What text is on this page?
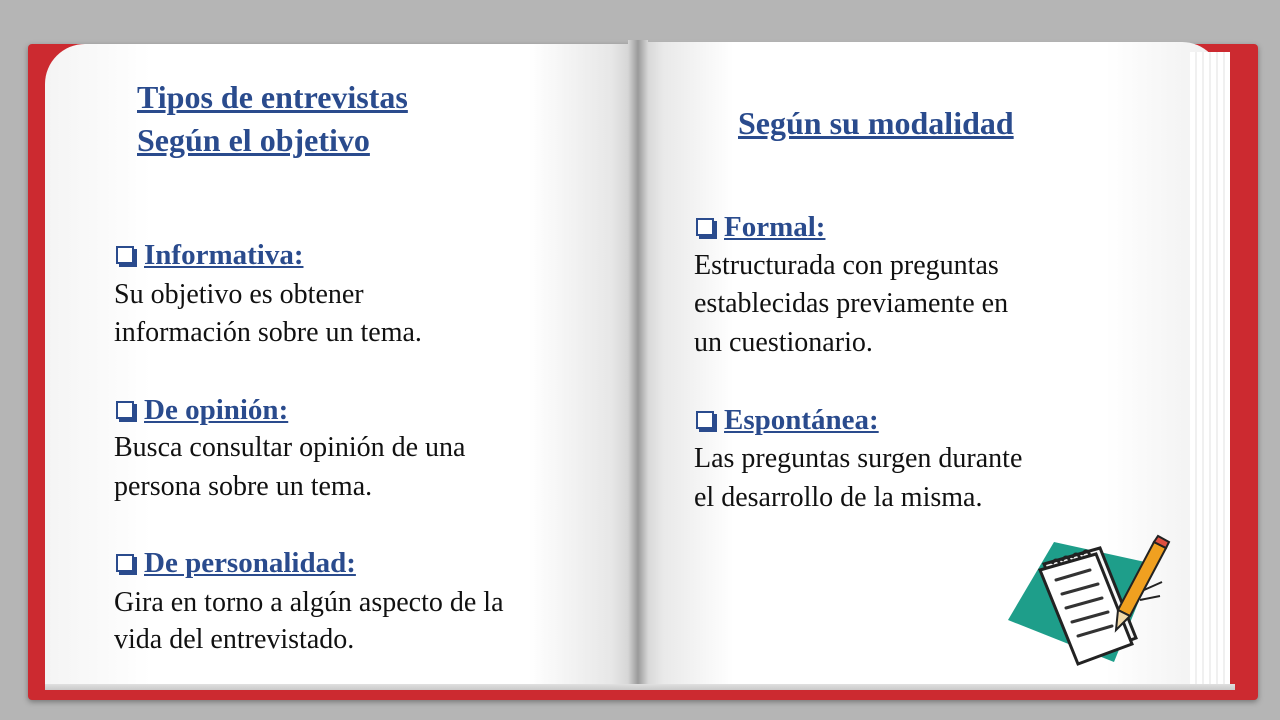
Tipos de entrevistas
Según el objetivo
Informativa:

Su objetivo es obtener

información sobre un tema.

De opinión:

Busca consultar opinión de una

persona sobre un tema.

De personalidad:

Gira en torno a algún aspecto de la

vida del entrevistado.

Según su modalidad
Formal:

Estructurada con preguntas

establecidas previamente en

un cuestionario.

Espontánea:

Las preguntas surgen durante

el desarrollo de la misma.
